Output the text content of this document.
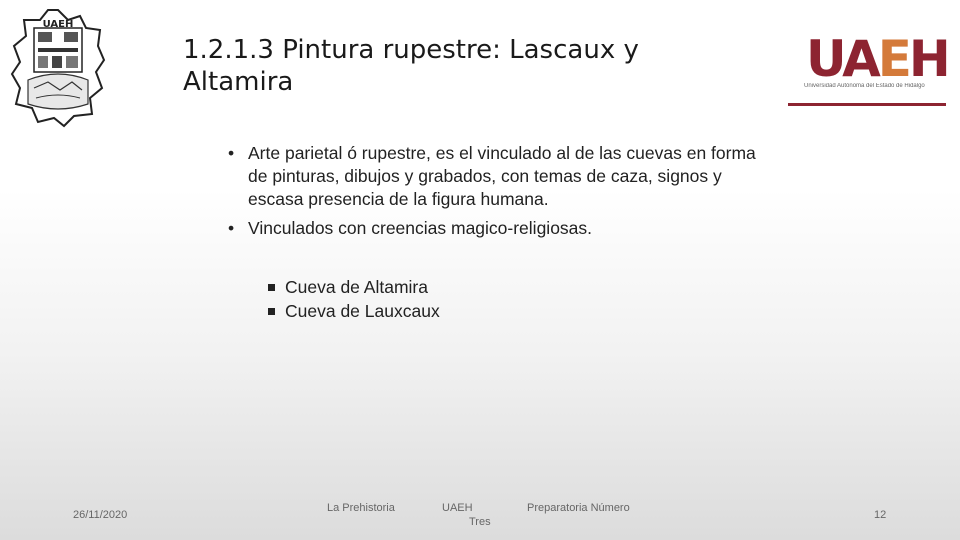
UAEH
1.2.1.3 Pintura rupestre: Lascaux y Altamira	UAEH
Universidad Autónoma del Estado de Hidalgo
• Arte parietal ó rupestre, es el vinculado al de las cuevas en forma de pinturas, dibujos y grabados, con temas de caza, signos y escasa presencia de la figura humana.
• Vinculados con creencias magico-religiosas.
Cueva de Altamira
Cueva de Lauxcaux
26/11/2020
La Prehistoria	UAEH
Tres
Preparatoria Número
12
